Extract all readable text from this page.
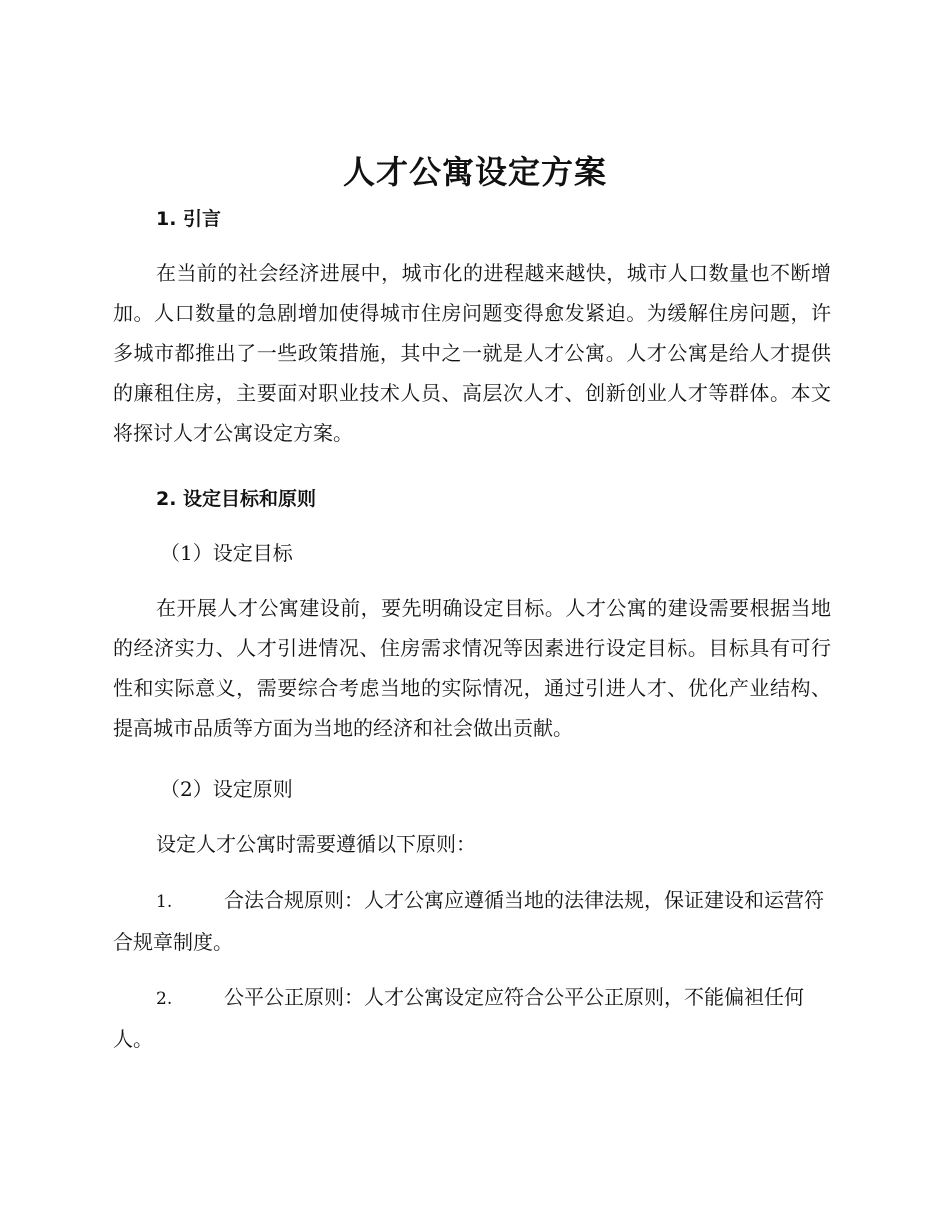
人才公寓设定方案
1. 引言

在当前的社会经济进展中，城市化的进程越来越快，城市人口数量也不断增加。人口数量的急剧增加使得城市住房问题变得愈发紧迫。为缓解住房问题，许多城市都推出了一些政策措施，其中之一就是人才公寓。人才公寓是给人才提供的廉租住房，主要面对职业技术人员、高层次人才、创新创业人才等群体。本文将探讨人才公寓设定方案。

2. 设定目标和原则

（1）设定目标

在开展人才公寓建设前，要先明确设定目标。人才公寓的建设需要根据当地的经济实力、人才引进情况、住房需求情况等因素进行设定目标。目标具有可行性和实际意义，需要综合考虑当地的实际情况，通过引进人才、优化产业结构、提高城市品质等方面为当地的经济和社会做出贡献。

（2）设定原则

设定人才公寓时需要遵循以下原则：

1.	合法合规原则：人才公寓应遵循当地的法律法规，保证建设和运营符合规章制度。

2.	公平公正原则：人才公寓设定应符合公平公正原则，不能偏袒任何人。
